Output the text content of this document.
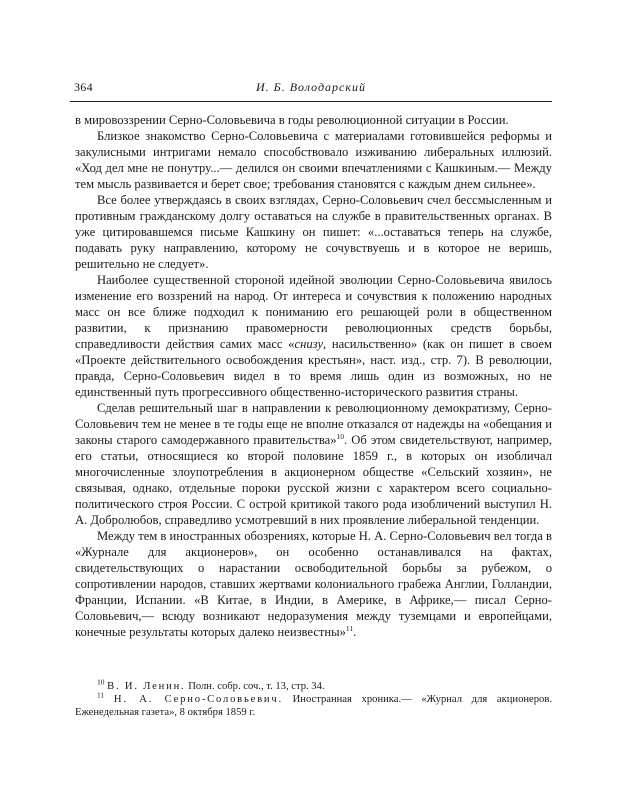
364	И. Б. Володарский

в мировоззрении Серно-Соловьевича в годы революционной ситуации в России.

Близкое знакомство Серно-Соловьевича с материалами готовившейся реформы и закулисными интригами немало способствовало изживанию либеральных иллюзий. «Ход дел мне не понутру...— делился он своими впечатлениями с Кашкиным.— Между тем мысль развивается и берет свое; требования становятся с каждым днем сильнее».

Все более утверждаясь в своих взглядах, Серно-Соловьевич счел бессмысленным и противным гражданскому долгу оставаться на службе в правительственных органах. В уже цитировавшемся письме Кашкину он пишет: «...оставаться теперь на службе, подавать руку направлению, которому не сочувствуешь и в которое не веришь, решительно не следует».

Наиболее существенной стороной идейной эволюции Серно-Соловьевича явилось изменение его воззрений на народ. От интереса и сочувствия к положению народных масс он все ближе подходил к пониманию его решающей роли в общественном развитии, к признанию правомерности революционных средств борьбы, справедливости действия самих масс «снизу, насильственно» (как он пишет в своем «Проекте действительного освобождения крестьян», наст. изд., стр. 7). В революции, правда, Серно-Соловьевич видел в то время лишь один из возможных, но не единственный путь прогрессивного общественно-исторического развития страны.

Сделав решительный шаг в направлении к революционному демократизму, Серно-Соловьевич тем не менее в те годы еще не вполне отказался от надежды на «обещания и законы старого самодержавного правительства»$^{10}$. Об этом свидетельствуют, например, его статьи, относящиеся ко второй половине 1859 г., в которых он изобличал многочисленные злоупотребления в акционерном обществе «Сельский хозяин», не связывая, однако, отдельные пороки русской жизни с характером всего социально-политического строя России. С острой критикой такого рода изобличений выступил Н. А. Добролюбов, справедливо усмотревший в них проявление либеральной тенденции.

Между тем в иностранных обозрениях, которые Н. А. Серно-Соловьевич вел тогда в «Журнале для акционеров», он особенно останавливался на фактах, свидетельствующих о нарастании освободительной борьбы за рубежом, о сопротивлении народов, ставших жертвами колониального грабежа Англии, Голландии, Франции, Испании. «В Китае, в Индии, в Америке, в Африке,— писал Серно-Соловьевич,— всюду возникают недоразумения между туземцами и европейцами, конечные результаты которых далеко неизвестны»$^{11}$.

$^{10}$ В. И. Ленин. Полн. собр. соч., т. 13, стр. 34.

$^{11}$ Н. А. Серно-Соловьевич. Иностранная хроника.— «Журнал для акционеров. Еженедельная газета», 8 октября 1859 г.
